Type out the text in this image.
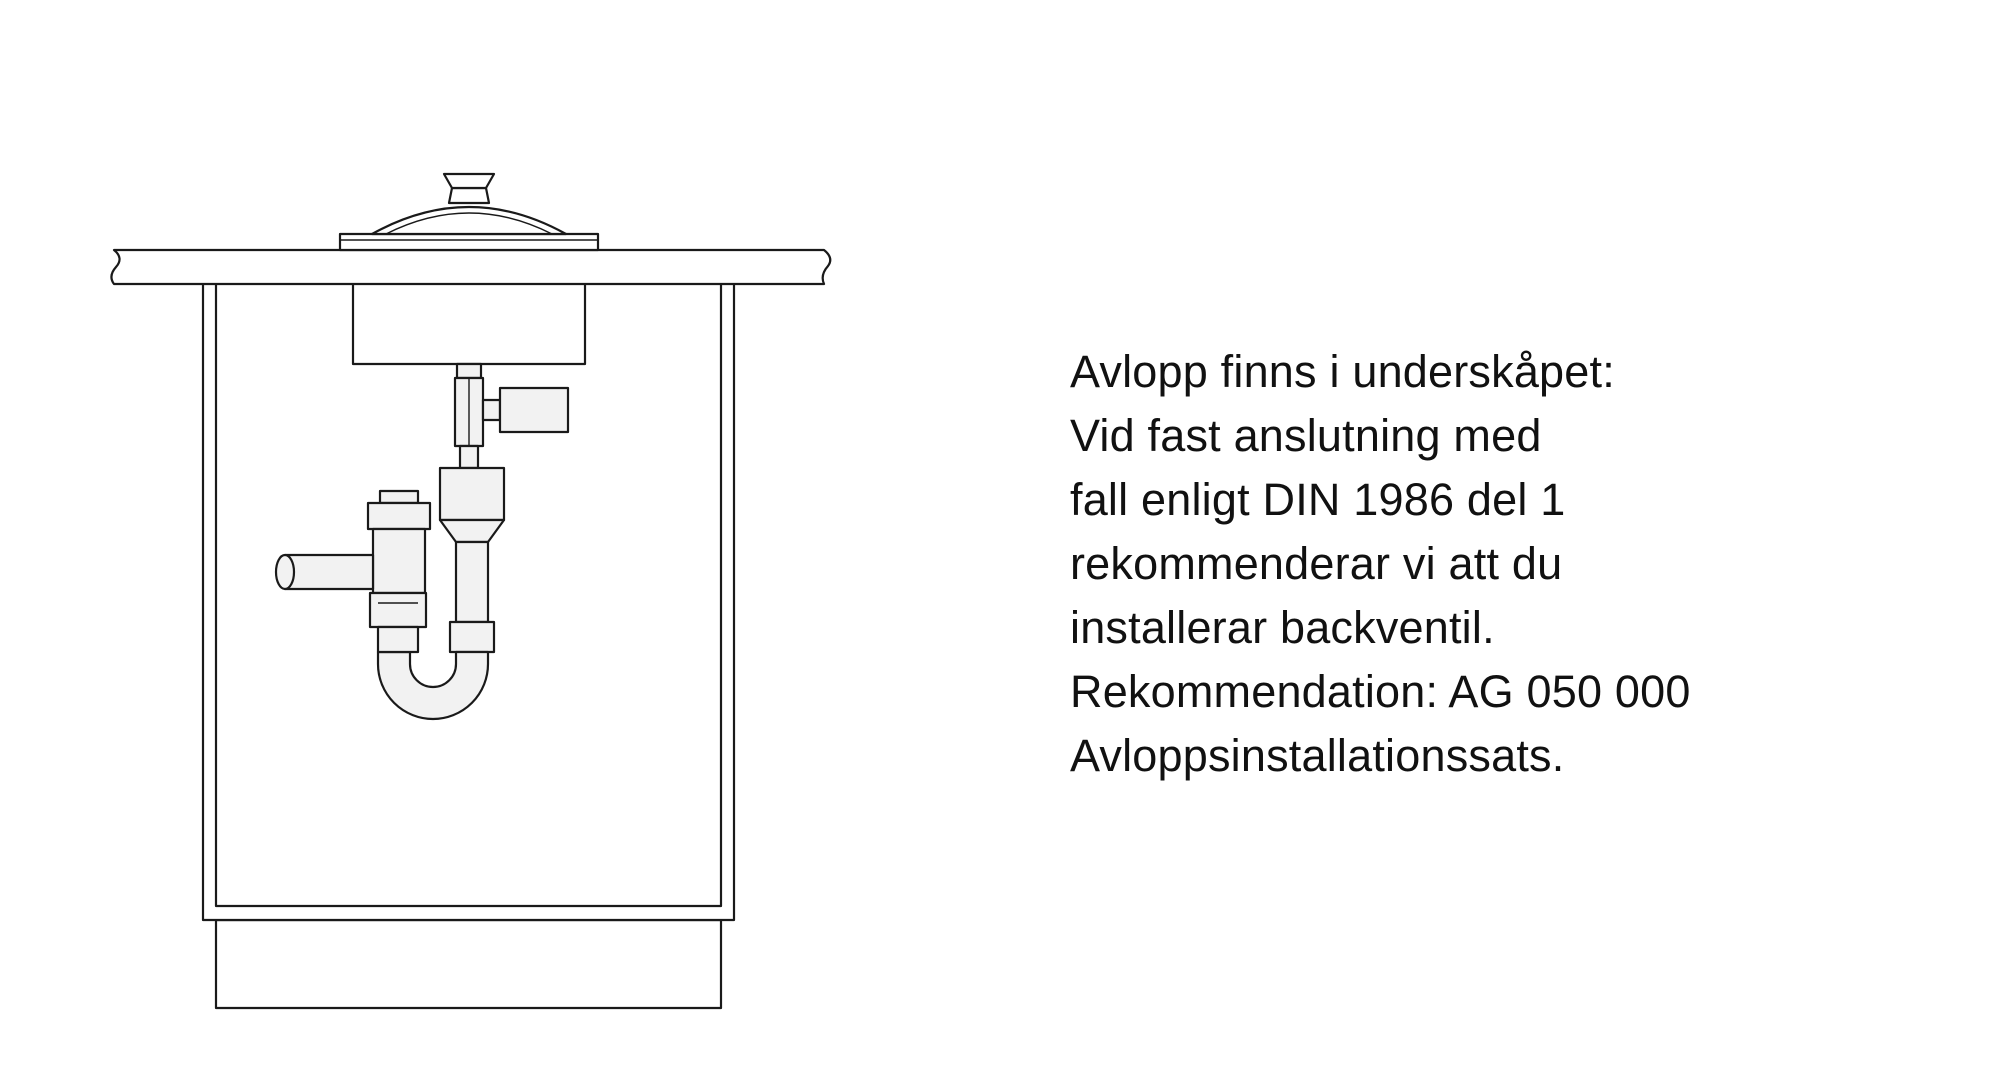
Avlopp finns i underskåpet:
Vid fast anslutning med
fall enligt DIN 1986 del 1
rekommenderar vi att du
installerar backventil.
Rekommendation: AG 050 000
Avloppsinstallationssats.
